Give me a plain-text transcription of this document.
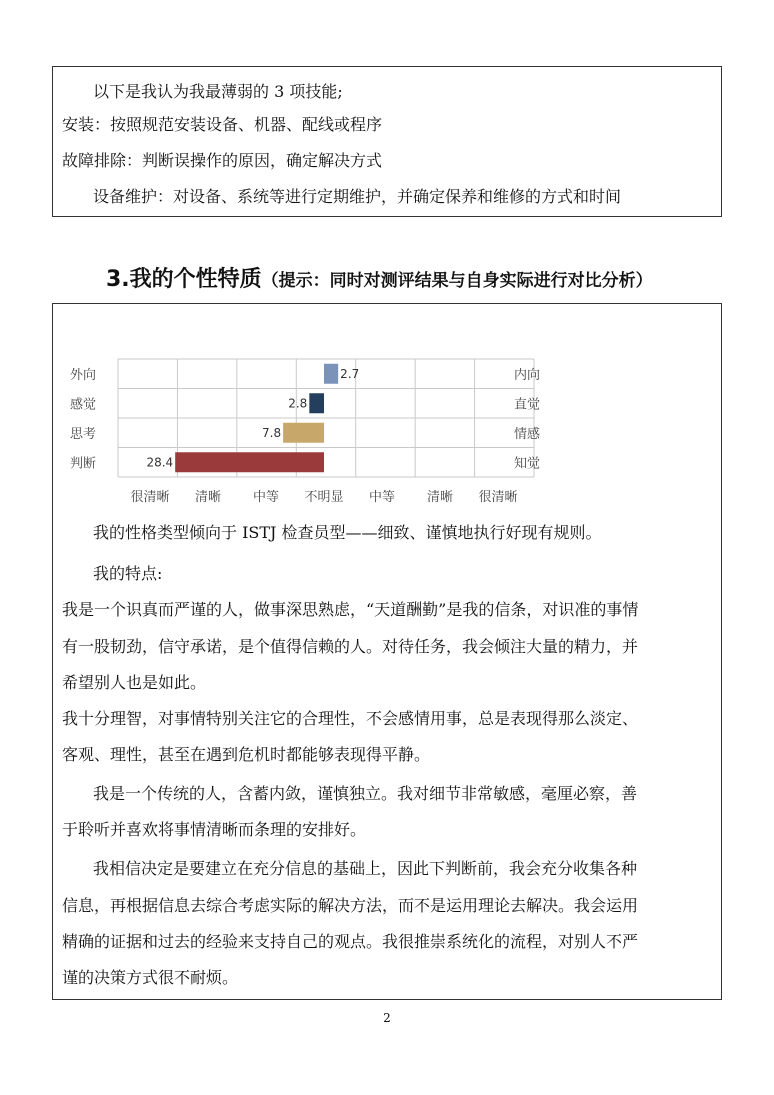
以下是我认为我最薄弱的 3 项技能;
安装：按照规范安装设备、机器、配线或程序
故障排除：判断误操作的原因，确定解决方式
设备维护：对设备、系统等进行定期维护，并确定保养和维修的方式和时间
3.我的个性特质（提示：同时对测评结果与自身实际进行对比分析）
2.7
外向	内向
2.8
感觉	直觉
7.8
思考	情感
28.4
判断	知觉
很清晰 清晰 中等 不明显 中等 清晰 很清晰
我的性格类型倾向于 ISTJ 检查员型——细致、谨慎地执行好现有规则。
我的特点:
我是一个识真而严谨的人，做事深思熟虑，“天道酬勤”是我的信条，对识准的事情
有一股韧劲，信守承诺，是个值得信赖的人。对待任务，我会倾注大量的精力，并
希望别人也是如此。
我十分理智，对事情特别关注它的合理性，不会感情用事，总是表现得那么淡定、
客观、理性，甚至在遇到危机时都能够表现得平静。
我是一个传统的人，含蓄内敛，谨慎独立。我对细节非常敏感，毫厘必察，善
于聆听并喜欢将事情清晰而条理的安排好。
我相信决定是要建立在充分信息的基础上，因此下判断前，我会充分收集各种
信息，再根据信息去综合考虑实际的解决方法，而不是运用理论去解决。我会运用
精确的证据和过去的经验来支持自己的观点。我很推崇系统化的流程，对别人不严
谨的决策方式很不耐烦。
2
